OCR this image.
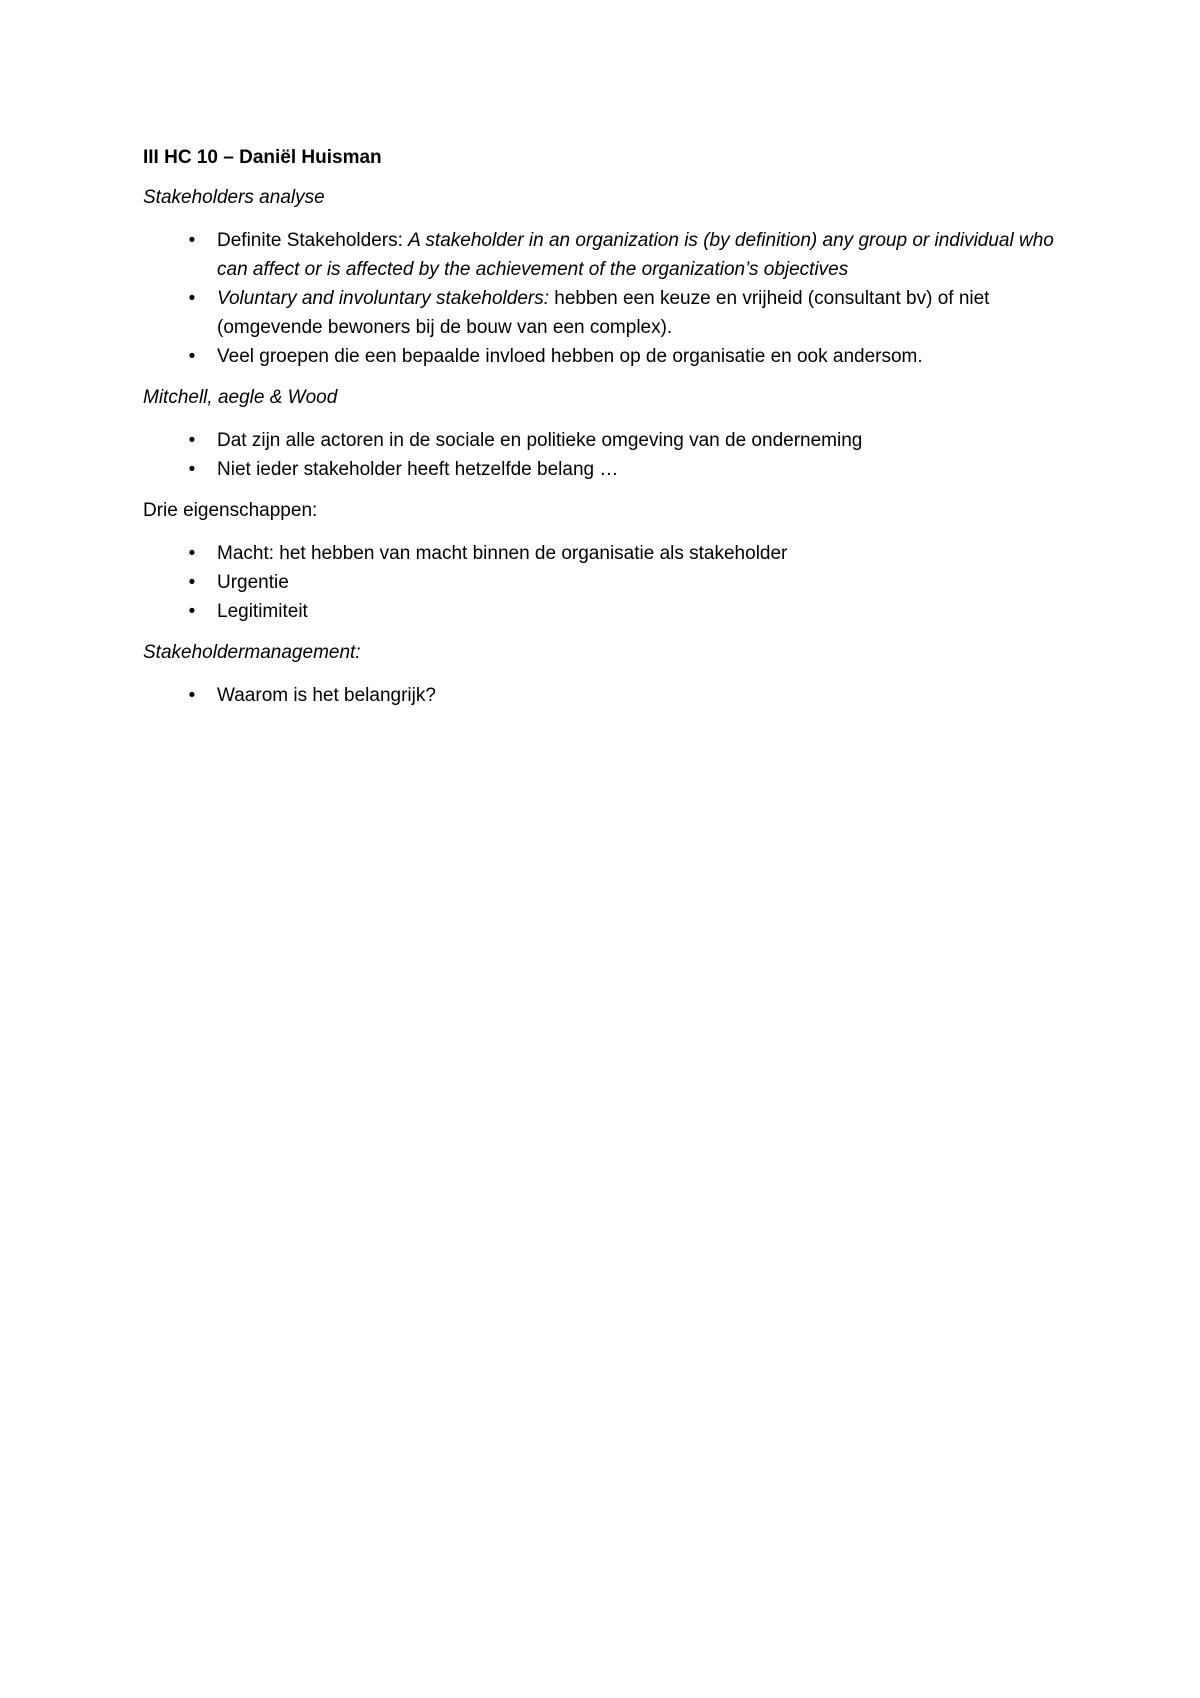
III HC 10 – Daniël Huisman

Stakeholders analyse

• Definite Stakeholders: A stakeholder in an organization is (by definition) any group or individual who can affect or is affected by the achievement of the organization’s objectives
• Voluntary and involuntary stakeholders: hebben een keuze en vrijheid (consultant bv) of niet (omgevende bewoners bij de bouw van een complex).
• Veel groepen die een bepaalde invloed hebben op de organisatie en ook andersom.

Mitchell, aegle & Wood

• Dat zijn alle actoren in de sociale en politieke omgeving van de onderneming
• Niet ieder stakeholder heeft hetzelfde belang …

Drie eigenschappen:

• Macht: het hebben van macht binnen de organisatie als stakeholder
• Urgentie
• Legitimiteit

Stakeholdermanagement:

• Waarom is het belangrijk?
